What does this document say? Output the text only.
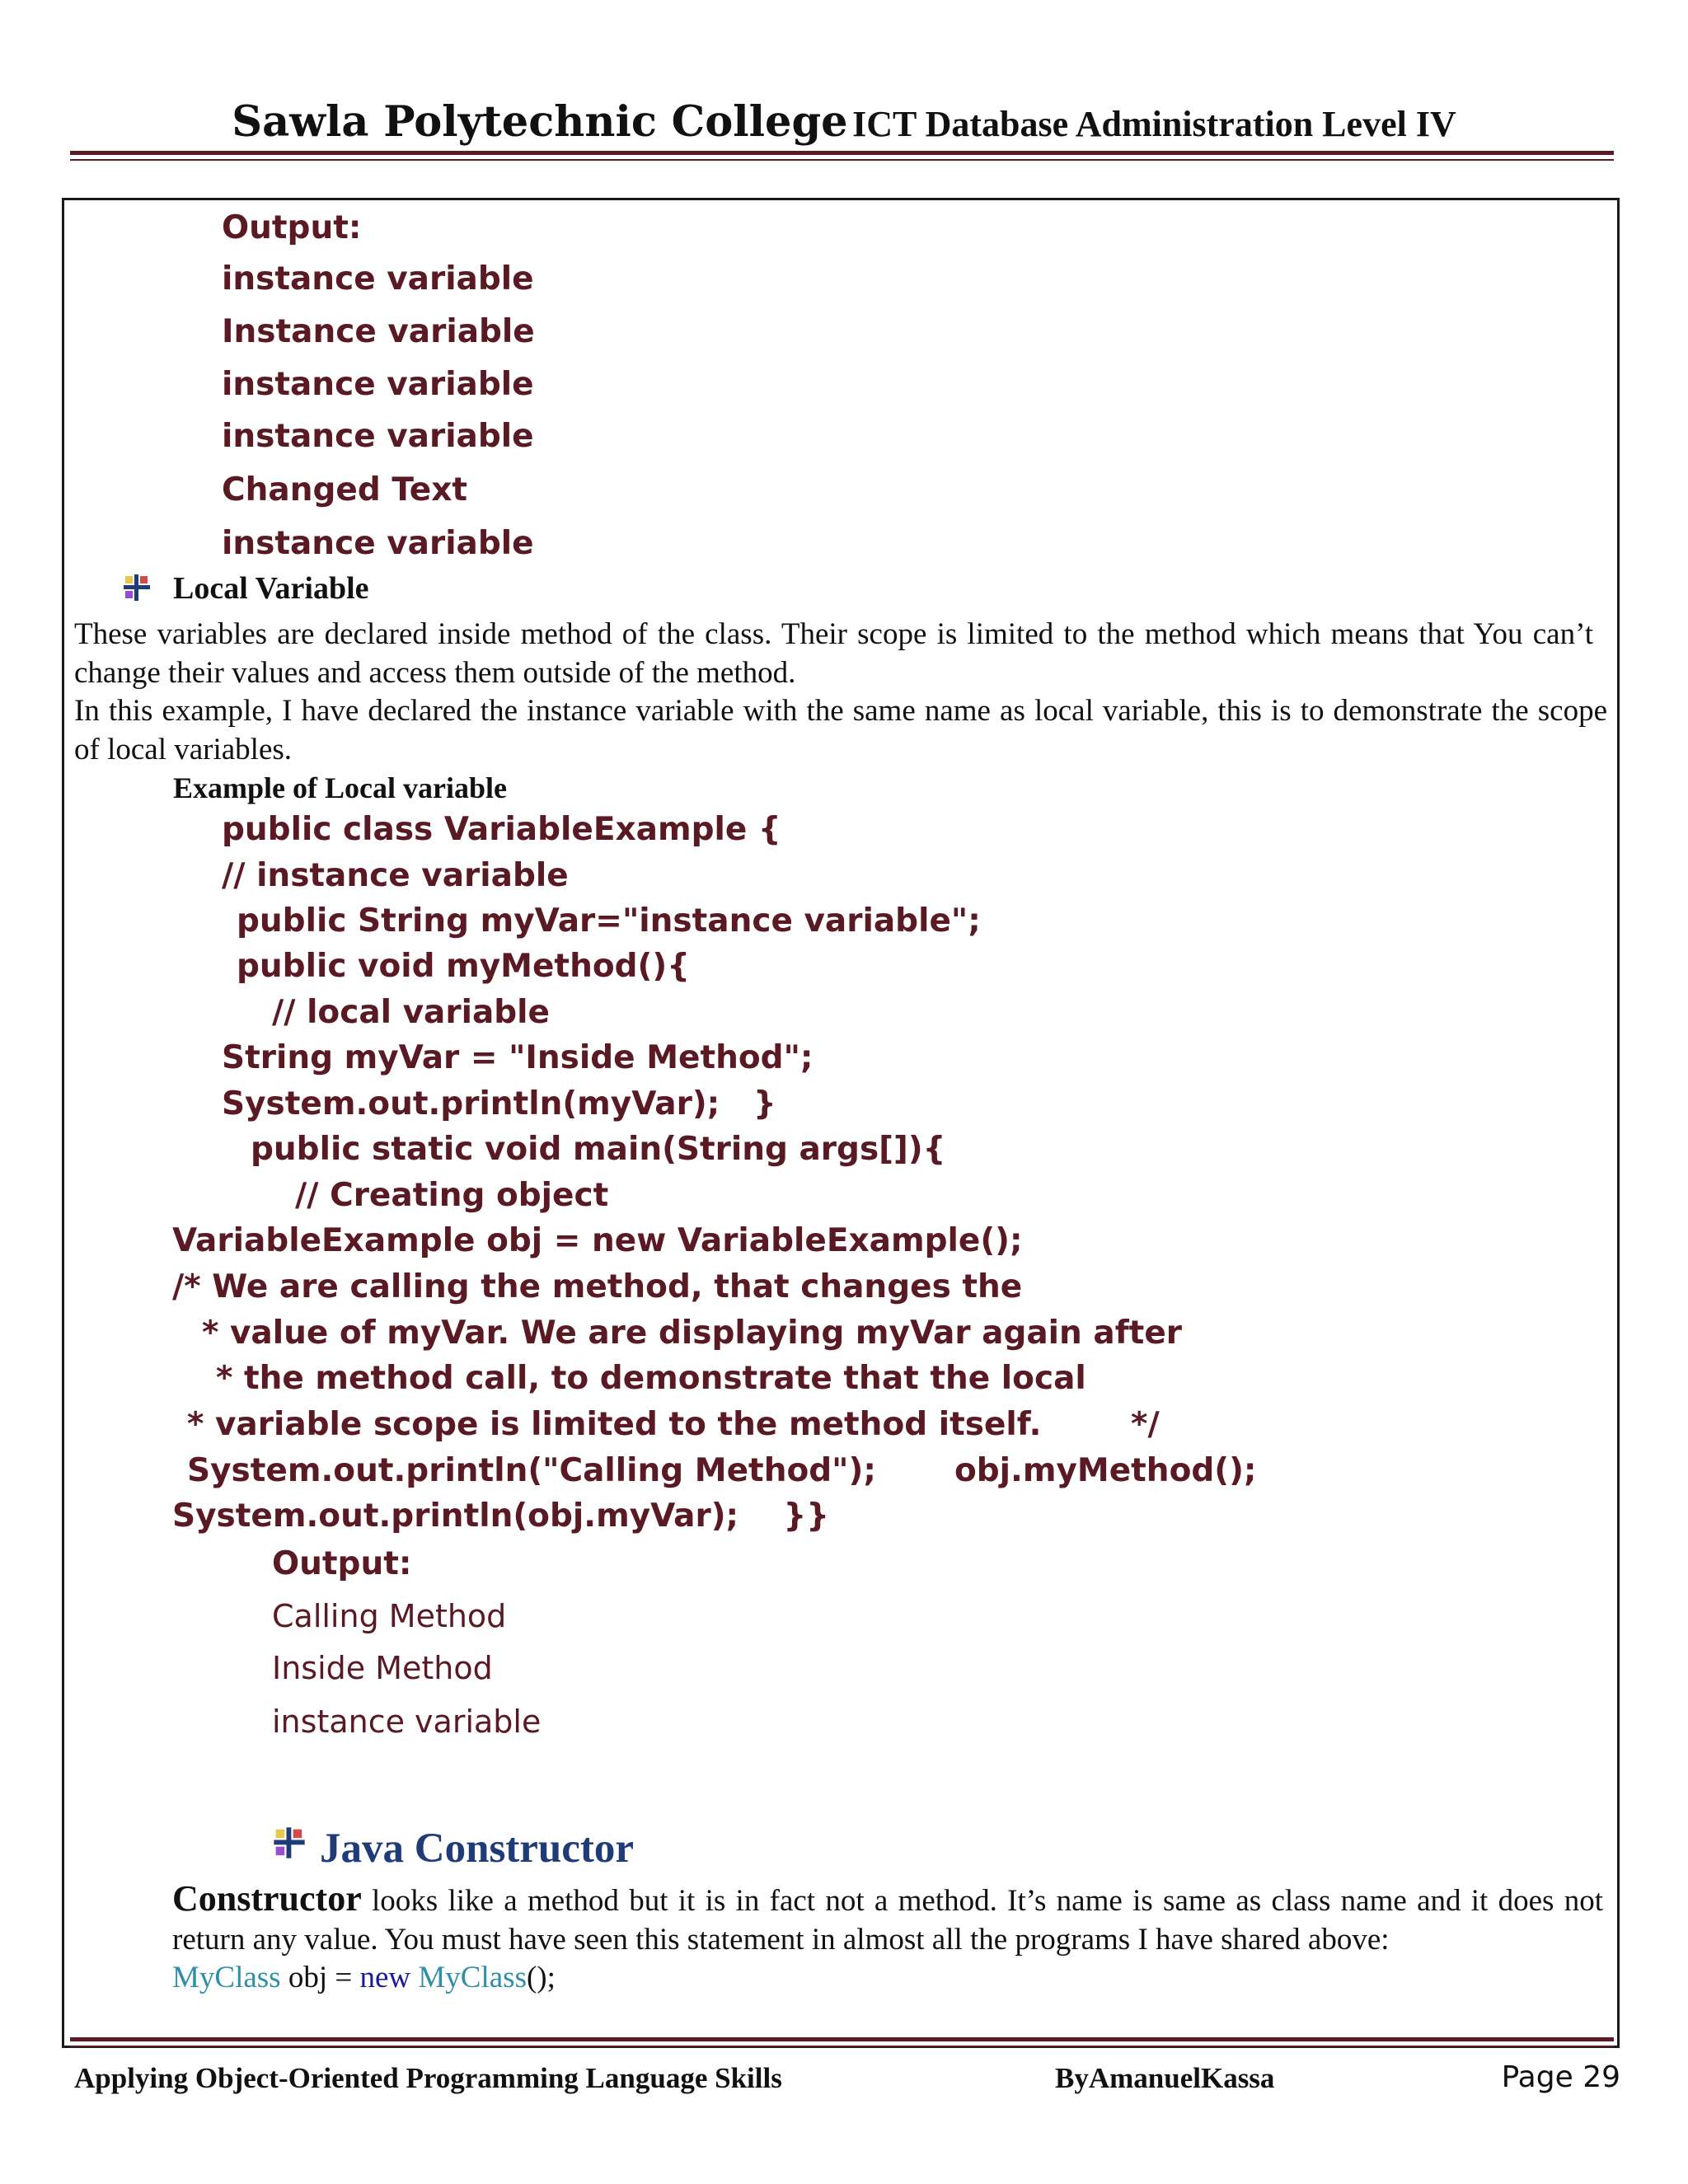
Sawla Polytechnic College ICT Database Administration Level IV
Output:
instance variable
Instance variable
instance variable
instance variable
Changed Text
instance variable
Local Variable
These variables are declared inside method of the class. Their scope is limited to the method which means that You can’t change their values and access them outside of the method.
In this example, I have declared the instance variable with the same name as local variable, this is to demonstrate the scope of local variables.
Example of Local variable
public class VariableExample {
// instance variable
public String myVar="instance variable";
public void myMethod(){
// local variable
String myVar = "Inside Method";
System.out.println(myVar);   }
public static void main(String args[]){
// Creating object
VariableExample obj = new VariableExample();
/* We are calling the method, that changes the
* value of myVar. We are displaying myVar again after
* the method call, to demonstrate that the local
* variable scope is limited to the method itself.        */
System.out.println("Calling Method");       obj.myMethod();
System.out.println(obj.myVar);    }}
Output:
Calling Method
Inside Method
instance variable
Java Constructor
Constructor looks like a method but it is in fact not a method. It’s name is same as class name and it does not return any value. You must have seen this statement in almost all the programs I have shared above:
MyClass obj = new MyClass();
Applying Object-Oriented Programming Language Skills	ByAmanuelKassa	Page 29
